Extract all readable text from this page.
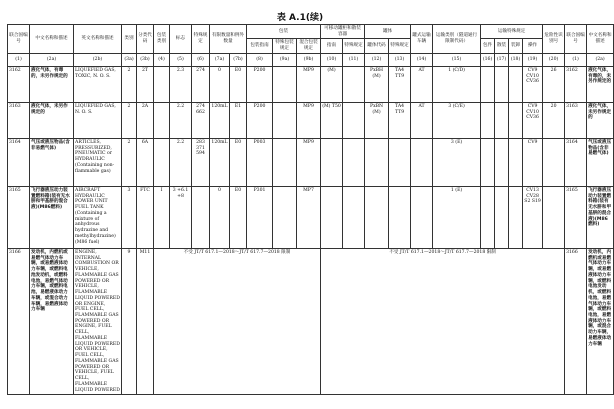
表 A.1(续)
联合国编号	中文名称和描述	英文名称和描述	类别	分类代码	包装类别	标志	特殊规定	有限数量和例外数量		包装			可移动罐柜和散装容器		罐体		罐式运输车辆	运输类别（隧道通行限制代码）	运输特殊规定				危险性识别号	联合国编号	中文名称和描述
										包装指南	特殊包装规定	混合包装规定	指南	特殊规定	罐体代码	特殊规定			包件	散装	装卸	操作			
(1)	(2a)	(2b)	(3a)	(3b)	(4)	(5)	(6)	(7a)	(7b)	(8)	(9a)	(9b)	(10)	(11)	(12)	(13)	(14)	(15)	(16)	(17)	(18)	(19)	(20)	(1)	(2a)
3162	液化气体，有毒的，未另作规定的	LIQUEFIED GAS, TOXIC, N. O. S.	2	2T		2.3	274	0	E0	P200		MP9	(M)		PxBH (M)	TA4 TT9	AT	1 (C/D)				CV9 CV10 CV36	26	3162	液化气体，有毒的，未另作规定的
3163	液化气体，未另作规定的	LIQUEFIED GAS, N. O. S.	2	2A		2.2	274 662	120mL	E1	P200		MP9	(M) T50		PxBN (M)	TA4 TT9	AT	3 (C/E)				CV9 CV10 CV36	20	3163	液化气体，未另作规定的
3164	气压或液压物品(含非易燃气体)	ARTICLES, PRESSURIZED, PNEUMATIC or HYDRAULIC (Containing non-flammable gas)	2	6A		2.2	283 371 594	120mL	E0	P003		MP9						3 (E)				CV9		3164	气压或液压物品(含非易燃气体)
3165	飞行器液压动力装置燃料箱(装有无水肼和甲基肼的混合液)(M86燃料)	AIRCRAFT HYDRAULIC POWER UNIT FUEL TANK (Containing a mixture of anhydrous hydrazine and methylhydrazine) (M86 fuel)	3	FTC	I	3 +6.1 +8		0	E0	P301		MP7						1 (E)				CV13 CV28 S2 S19		3165	飞行器液压动力装置燃料箱(装有无水肼和甲基肼的混合液)(M86燃料)
3166	发动机，内燃机或易燃气体动力车辆，或易燃液体动力车辆，或燃料电池发动机，或燃料电池，易燃气体动力车辆，或燃料电池，易燃液体动力车辆，或混合动力车辆，易燃液体动力车辆	ENGINE, INTERNAL COMBUSTION OR VEHICLE, FLAMMABLE GAS POWERED OR VEHICLE, FLAMMABLE LIQUID POWERED OR ENGINE, FUEL CELL, FLAMMABLE GAS POWERED OR ENGINE, FUEL CELL, FLAMMABLE LIQUID POWERED OR VEHICLE, FUEL CELL, FLAMMABLE GAS POWERED OR VEHICLE, FUEL CELL, FLAMMABLE LIQUID POWERED	9	M11	不受 JT/T 617.1—2018～JT/T 617.7—2018 限制								不受 JT/T 617.1—2018～JT/T 617.7—2018 限制											3166	发动机，内燃机或易燃气体动力车辆，或易燃液体动力车辆，或燃料电池发动机，或燃料电池，易燃气体动力车辆，或燃料电池，易燃液体动力车辆，或混合动力车辆，易燃液体动力车辆
